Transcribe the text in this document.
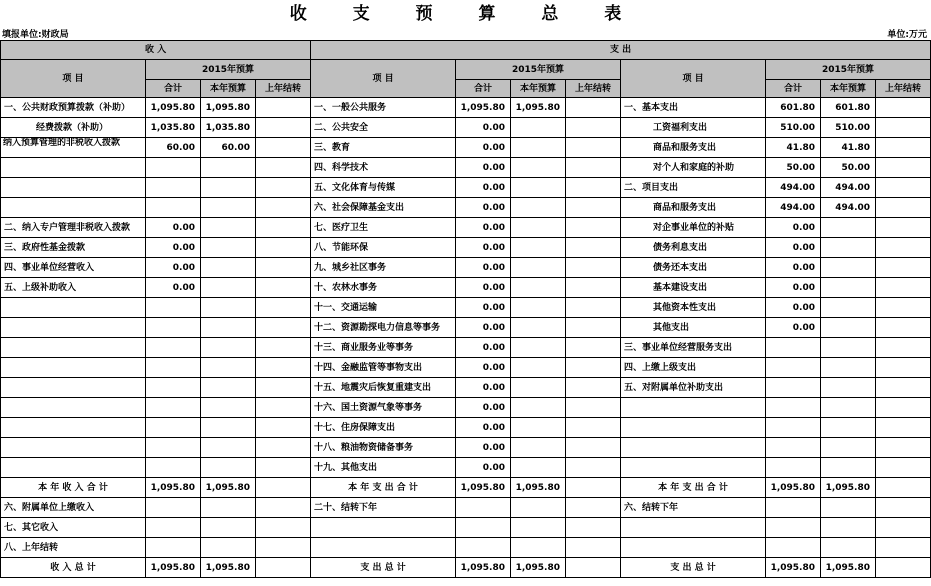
收 支 预 算 总 表
填报单位:财政局	单位:万元
收 入				支 出							
项 目	2015年预算			项 目	2015年预算			项 目	2015年预算		
	合计	本年预算	上年结转		合计	本年预算	上年结转		合计	本年预算	上年结转
一、公共财政预算拨款（补助）	1,095.80	1,095.80		一、一般公共服务	1,095.80	1,095.80		一、基本支出	601.80	601.80	
经费拨款（补助）	1,035.80	1,035.80		二、公共安全	0.00			工资福利支出	510.00	510.00	
纳入预算管理的非税收入拨款	60.00	60.00		三、教育	0.00			商品和服务支出	41.80	41.80	
				四、科学技术	0.00			对个人和家庭的补助	50.00	50.00	
				五、文化体育与传媒	0.00			二、项目支出	494.00	494.00	
				六、社会保障基金支出	0.00			商品和服务支出	494.00	494.00	
二、纳入专户管理非税收入拨款	0.00			七、医疗卫生	0.00			对企事业单位的补贴	0.00		
三、政府性基金拨款	0.00			八、节能环保	0.00			债务利息支出	0.00		
四、事业单位经营收入	0.00			九、城乡社区事务	0.00			债务还本支出	0.00		
五、上级补助收入	0.00			十、农林水事务	0.00			基本建设支出	0.00		
				十一、交通运输	0.00			其他资本性支出	0.00		
				十二、资源勘探电力信息等事务	0.00			其他支出	0.00		
				十三、商业服务业等事务	0.00			三、事业单位经营服务支出			
				十四、金融监管等事物支出	0.00			四、上缴上级支出			
				十五、地震灾后恢复重建支出	0.00			五、对附属单位补助支出			
				十六、国土资源气象等事务	0.00						
				十七、住房保障支出	0.00						
				十八、粮油物资储备事务	0.00						
				十九、其他支出	0.00						
本 年 收 入 合 计	1,095.80	1,095.80		本 年 支 出 合 计	1,095.80	1,095.80		本 年 支 出 合 计	1,095.80	1,095.80	
六、附属单位上缴收入				二十、结转下年				六、结转下年			
七、其它收入											
八、上年结转											
收 入 总 计	1,095.80	1,095.80		支 出 总 计	1,095.80	1,095.80		支 出 总 计	1,095.80	1,095.80	
